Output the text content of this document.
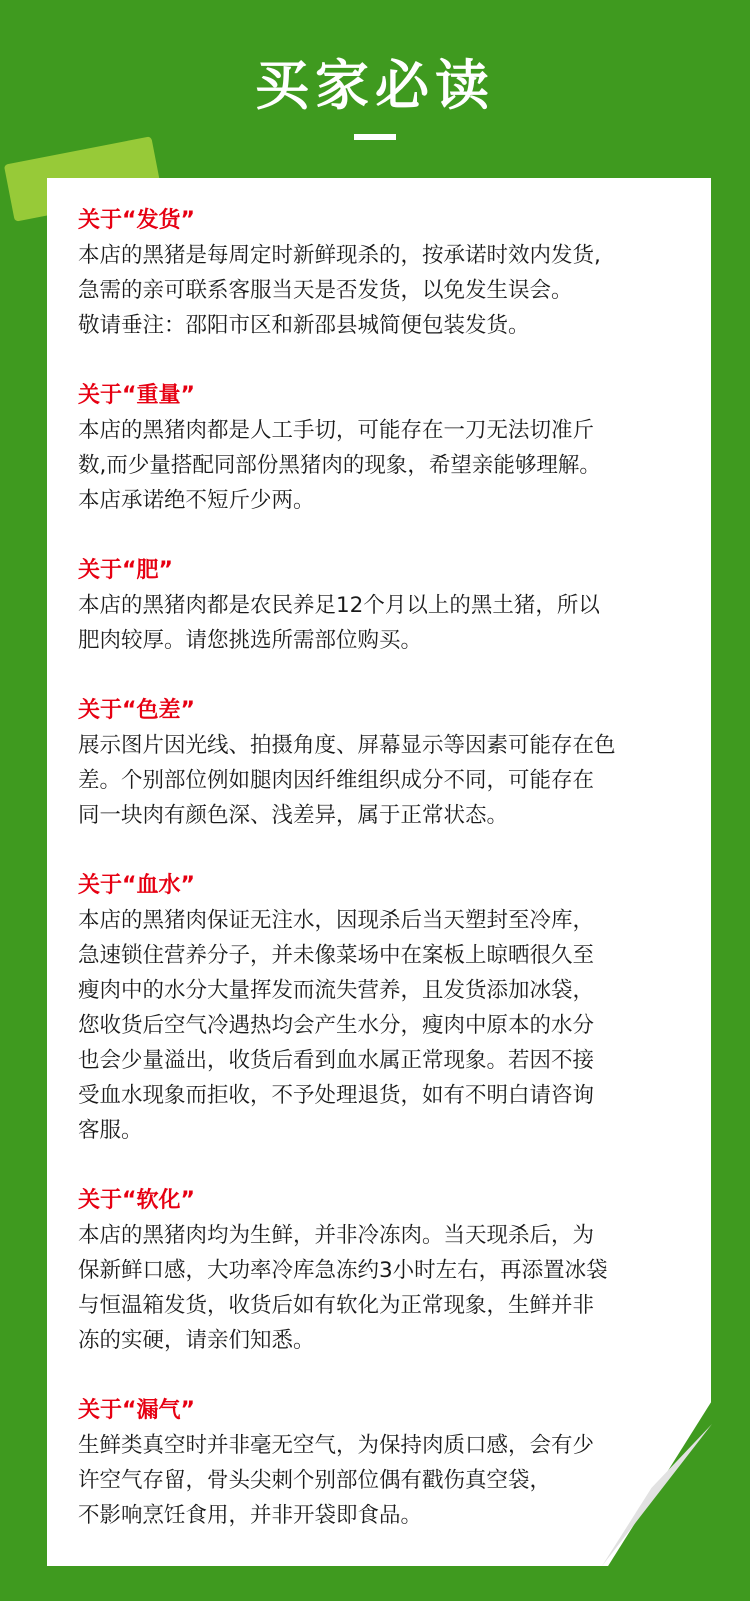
买家必读
关于“发货”
本店的黑猪是每周定时新鲜现杀的，按承诺时效内发货,
急需的亲可联系客服当天是否发货，以免发生误会。
敬请垂注：邵阳市区和新邵县城简便包装发货。
关于“重量”
本店的黑猪肉都是人工手切，可能存在一刀无法切准斤
数,而少量搭配同部份黑猪肉的现象，希望亲能够理解。
本店承诺绝不短斤少两。
关于“肥”
本店的黑猪肉都是农民养足12个月以上的黑土猪，所以
肥肉较厚。请您挑选所需部位购买。
关于“色差”
展示图片因光线、拍摄角度、屏幕显示等因素可能存在色
差。个别部位例如腿肉因纤维组织成分不同，可能存在
同一块肉有颜色深、浅差异，属于正常状态。
关于“血水”
本店的黑猪肉保证无注水，因现杀后当天塑封至冷库，
急速锁住营养分子，并未像菜场中在案板上晾晒很久至
瘦肉中的水分大量挥发而流失营养，且发货添加冰袋，
您收货后空气冷遇热均会产生水分，瘦肉中原本的水分
也会少量溢出，收货后看到血水属正常现象。若因不接
受血水现象而拒收，不予处理退货，如有不明白请咨询
客服。
关于“软化”
本店的黑猪肉均为生鲜，并非冷冻肉。当天现杀后，为
保新鲜口感，大功率冷库急冻约3小时左右，再添置冰袋
与恒温箱发货，收货后如有软化为正常现象，生鲜并非
冻的实硬，请亲们知悉。
关于“漏气”
生鲜类真空时并非毫无空气，为保持肉质口感，会有少
许空气存留，骨头尖刺个别部位偶有戳伤真空袋，
不影响烹饪食用，并非开袋即食品。
